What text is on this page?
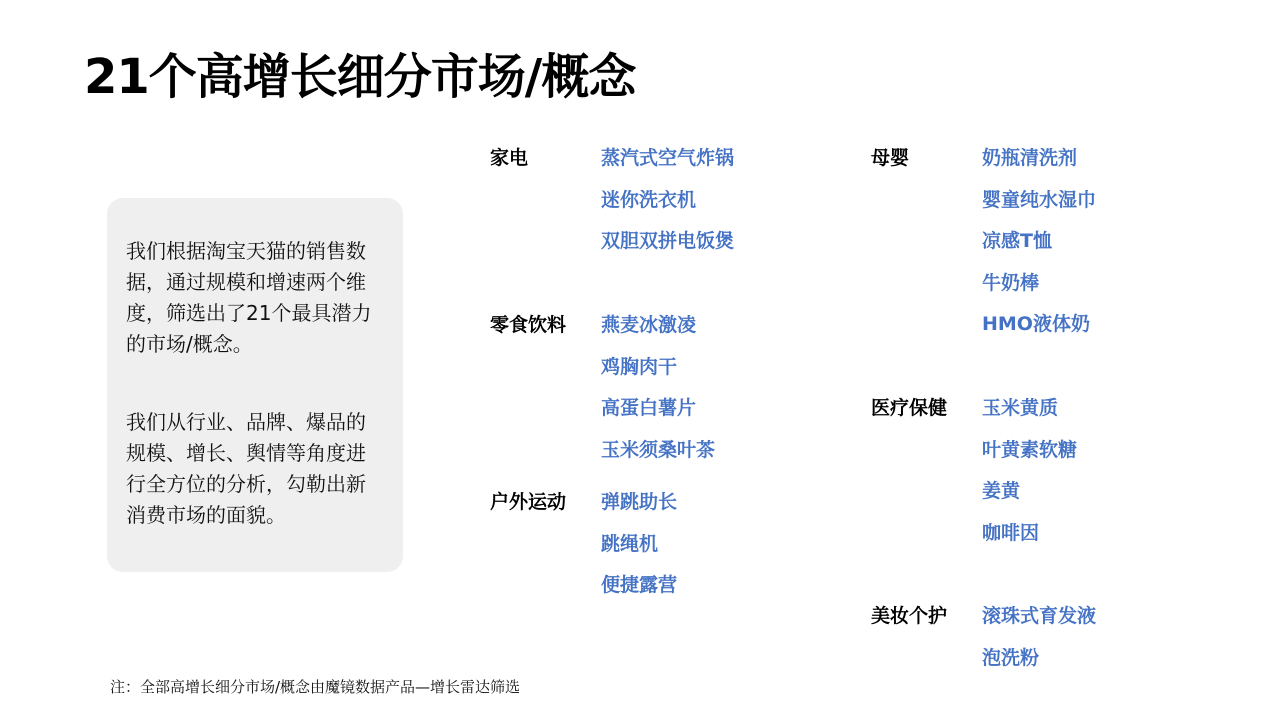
21个高增长细分市场/概念

我们根据淘宝天猫的销售数据，通过规模和增速两个维度，筛选出了21个最具潜力的市场/概念。

我们从行业、品牌、爆品的规模、增长、舆情等角度进行全方位的分析，勾勒出新消费市场的面貌。

家电	蒸汽式空气炸锅
迷你洗衣机
双胆双拼电饭煲
零食饮料 燕麦冰激凌
鸡胸肉干
高蛋白薯片
玉米须桑叶茶
户外运动 弹跳助长
跳绳机
便捷露营
母婴	奶瓶清洗剂
婴童纯水湿巾
凉感T恤
牛奶棒
HMO液体奶
医疗保健 玉米黄质
叶黄素软糖
姜黄
咖啡因
美妆个护 滚珠式育发液
泡洗粉

注：全部高增长细分市场/概念由魔镜数据产品—增长雷达筛选
